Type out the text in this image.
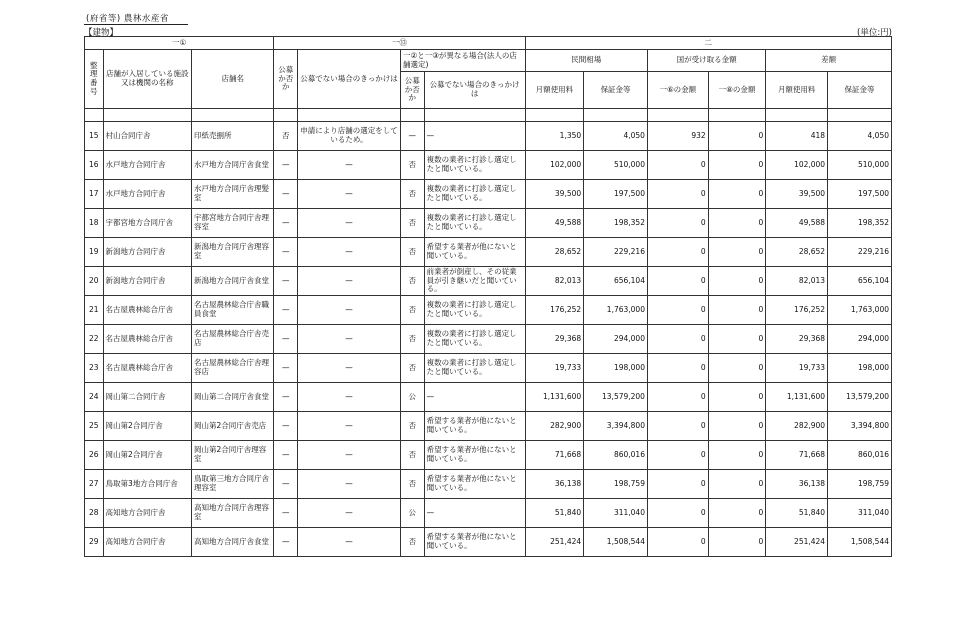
(府省等) 農林水産省
【建物】	(単位:円)
一①			一⑬				二					
整理番号	店舗が入居している施設又は機関の名称	店舗名	公募か否か	公募でない場合のきっかけは	一②と一③が異なる場合(法人の店舗選定)		民間相場		国が受け取る金額		差額	
					公募か否か	公募でない場合のきっかけは	月額使用料	保証金等	一⑥の金額	一⑧の金額	月額使用料	保証金等

15	村山合同庁舎	印紙売捌所	否	申請により店舗の選定をしているため。	—	—	1,350	4,050	932	0	418	4,050
16	水戸地方合同庁舎	水戸地方合同庁舎食堂	—	—	否	複数の業者に打診し選定したと聞いている。	102,000	510,000	0	0	102,000	510,000
17	水戸地方合同庁舎	水戸地方合同庁舎理髪室	—	—	否	複数の業者に打診し選定したと聞いている。	39,500	197,500	0	0	39,500	197,500
18	宇都宮地方合同庁舎	宇都宮地方合同庁舎理容室	—	—	否	複数の業者に打診し選定したと聞いている。	49,588	198,352	0	0	49,588	198,352
19	新潟地方合同庁舎	新潟地方合同庁舎理容室	—	—	否	希望する業者が他にないと聞いている。	28,652	229,216	0	0	28,652	229,216
20	新潟地方合同庁舎	新潟地方合同庁舎食堂	—	—	否	前業者が倒産し、その従業員が引き継いだと聞いている。	82,013	656,104	0	0	82,013	656,104
21	名古屋農林総合庁舎	名古屋農林総合庁舎職員食堂	—	—	否	複数の業者に打診し選定したと聞いている。	176,252	1,763,000	0	0	176,252	1,763,000
22	名古屋農林総合庁舎	名古屋農林総合庁舎売店	—	—	否	複数の業者に打診し選定したと聞いている。	29,368	294,000	0	0	29,368	294,000
23	名古屋農林総合庁舎	名古屋農林総合庁舎理容店	—	—	否	複数の業者に打診し選定したと聞いている。	19,733	198,000	0	0	19,733	198,000
24	岡山第二合同庁舎	岡山第二合同庁舎食堂	—	—	公	—	1,131,600	13,579,200	0	0	1,131,600	13,579,200
25	岡山第2合同庁舎	岡山第2合同庁舎売店	—	—	否	希望する業者が他にないと聞いている。	282,900	3,394,800	0	0	282,900	3,394,800
26	岡山第2合同庁舎	岡山第2合同庁舎理容室	—	—	否	希望する業者が他にないと聞いている。	71,668	860,016	0	0	71,668	860,016
27	鳥取第3地方合同庁舎	鳥取第三地方合同庁舎理容室	—	—	否	希望する業者が他にないと聞いている。	36,138	198,759	0	0	36,138	198,759
28	高知地方合同庁舎	高知地方合同庁舎理容室	—	—	公	—	51,840	311,040	0	0	51,840	311,040
29	高知地方合同庁舎	高知地方合同庁舎食堂	—	—	否	希望する業者が他にないと聞いている。	251,424	1,508,544	0	0	251,424	1,508,544
